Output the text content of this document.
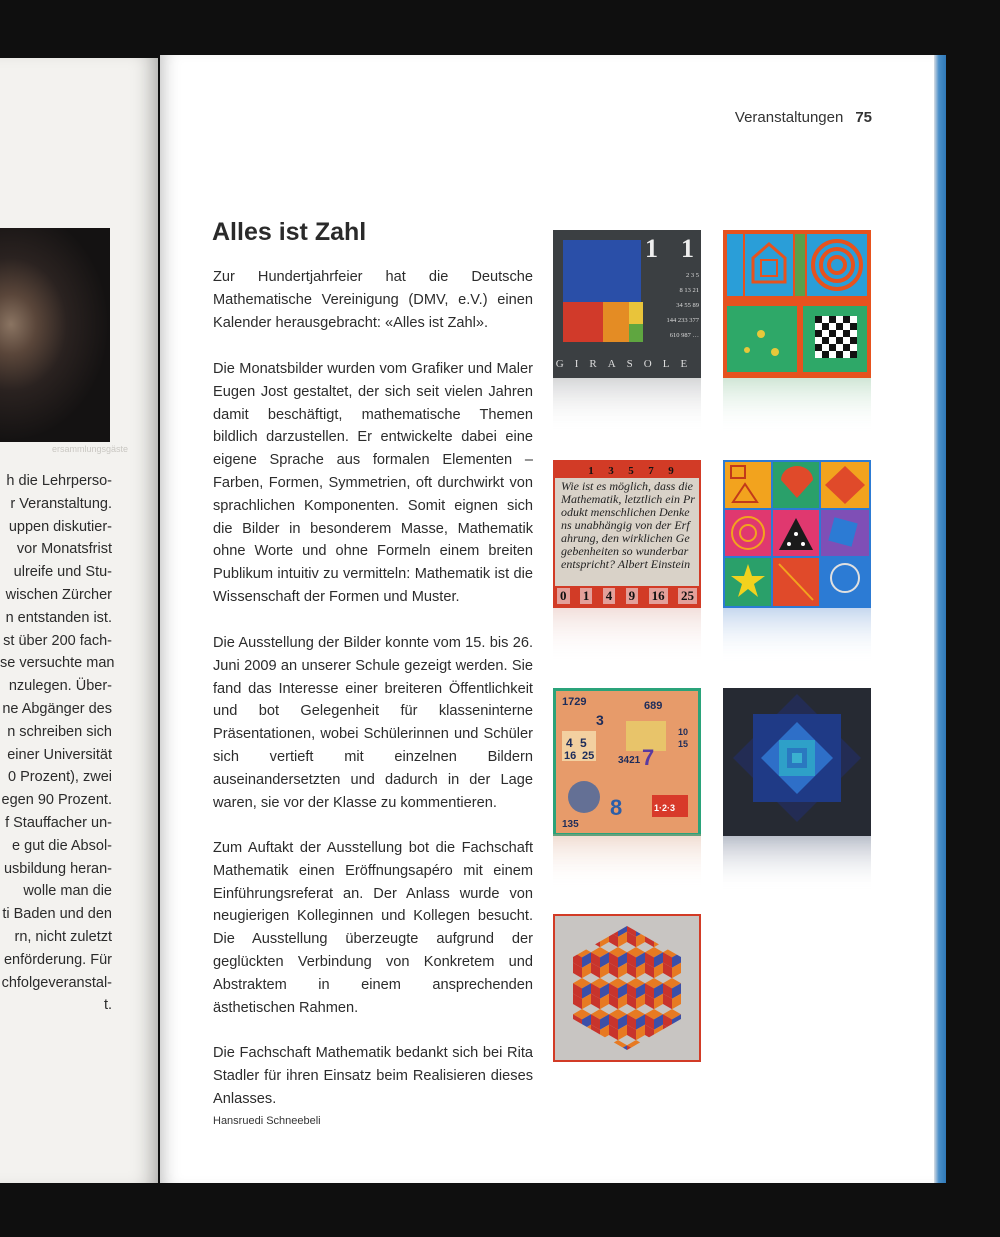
ersammlungsgäste
h die Lehrperso-
r Veranstaltung.
uppen diskutier-
vor Monatsfrist
ulreife und Stu-
wischen Zürcher
n entstanden ist.
st über 200 fach-
se versuchte man
nzulegen. Über-
ne Abgänger des
n schreiben sich
einer Universität
0 Prozent), zwei
egen 90 Prozent.
f Stauffacher un-
e gut die Absol-
usbildung heran-
wolle man die
ti Baden und den
rn, nicht zuletzt
enförderung. Für
chfolgeveranstal-
t.
Veranstaltungen 75
Alles ist Zahl

Zur Hundertjahrfeier hat die Deutsche Mathematische Vereinigung (DMV, e.V.) einen Kalender herausgebracht: «Alles ist Zahl».

Die Monatsbilder wurden vom Grafiker und Maler Eugen Jost gestaltet, der sich seit vielen Jahren damit beschäftigt, mathematische Themen bildlich darzustellen. Er entwickelte dabei eine eigene Sprache aus formalen Elementen – Farben, Formen, Symmetrien, oft durchwirkt von sprachlichen Komponenten. Somit eignen sich die Bilder in besonderem Masse, Mathematik ohne Worte und ohne Formeln einem breiten Publikum intuitiv zu vermitteln: Mathematik ist die Wissenschaft der Formen und Muster.

Die Ausstellung der Bilder konnte vom 15. bis 26. Juni 2009 an unserer Schule gezeigt werden. Sie fand das Interesse einer breiteren Öffentlichkeit und bot Gelegenheit für klasseninterne Präsentationen, wobei Schülerinnen und Schüler sich vertieft mit einzelnen Bildern auseinandersetzten und dadurch in der Lage waren, sie vor der Klasse zu kommentieren.

Zum Auftakt der Ausstellung bot die Fachschaft Mathematik einen Eröffnungsapéro mit einem Einführungsreferat an. Der Anlass wurde von neugierigen Kolleginnen und Kollegen besucht. Die Ausstellung überzeugte aufgrund der geglückten Verbindung von Konkretem und Abstraktem in einem ansprechenden ästhetischen Rahmen.

Die Fachschaft Mathematik bedankt sich bei Rita Stadler für ihren Einsatz beim Realisieren dieses Anlasses.

Hansruedi Schneebeli
1 1
2 3 5
8 13 21
34 55 89
144 233 377
610 987 …
GIRASOLE
1 3 5 7 9
Wie ist es möglich, dass die Mathematik, letztlich ein Produkt menschlichen Denkens unabhängig von der Erfahrung, den wirklichen Gegebenheiten so wunderbar entspricht? Albert Einstein
0 1 4 9 16 25
1729	689
3
4 5
16 25
10
15
7
8
3421
135
1·2·3
